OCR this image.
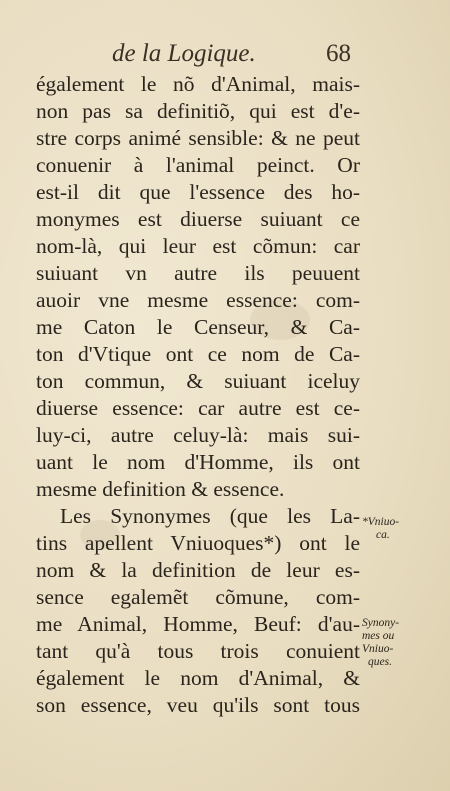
de la Logique.	68
également le nõ d'Animal, mais-
non pas sa definitiõ, qui est d'e-
stre corps animé sensible: & ne peut
conuenir à l'animal peinct. Or
est-il dit que l'essence des ho-
monymes est diuerse suiuant ce
nom-là, qui leur est cõmun: car
suiuant vn autre ils peuuent
auoir vne mesme essence: com-
me Caton le Censeur, & Ca-
ton d'Vtique ont ce nom de Ca-
ton commun, & suiuant iceluy
diuerse essence: car autre est ce-
luy-ci, autre celuy-là: mais sui-
uant le nom d'Homme, ils ont
mesme definition & essence.
Les Synonymes (que les La-
tins apellent Vniuoques*) ont le
nom & la definition de leur es-
sence egalemẽt cõmune, com-
me Animal, Homme, Beuf: d'au-
tant qu'à tous trois conuient
également le nom d'Animal, &
son essence, veu qu'ils sont tous
*Vniuo-
ca.
Synony-
mes ou
Vniuo-
ques.
